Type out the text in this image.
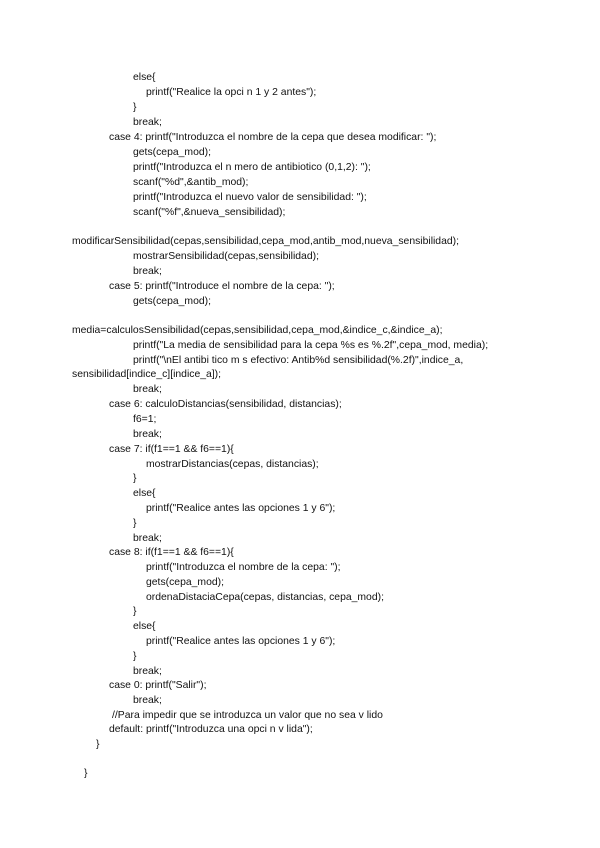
else{
printf("Realice la opci n 1 y 2 antes");
}
break;
case 4: printf("Introduzca el nombre de la cepa que desea modificar: ");
gets(cepa_mod);
printf("Introduzca el n mero de antibiotico (0,1,2): ");
scanf("%d",&antib_mod);
printf("Introduzca el nuevo valor de sensibilidad: ");
scanf("%f",&nueva_sensibilidad);
modificarSensibilidad(cepas,sensibilidad,cepa_mod,antib_mod,nueva_sensibilidad);
mostrarSensibilidad(cepas,sensibilidad);
break;
case 5: printf("Introduce el nombre de la cepa: ");
gets(cepa_mod);
media=calculosSensibilidad(cepas,sensibilidad,cepa_mod,&indice_c,&indice_a);
printf("La media de sensibilidad para la cepa %s es %.2f",cepa_mod, media);
printf("\nEl antibi tico m s efectivo: Antib%d sensibilidad(%.2f)",indice_a,
sensibilidad[indice_c][indice_a]);
break;
case 6: calculoDistancias(sensibilidad, distancias);
f6=1;
break;
case 7: if(f1==1 && f6==1){
mostrarDistancias(cepas, distancias);
}
else{
printf("Realice antes las opciones 1 y 6");
}
break;
case 8: if(f1==1 && f6==1){
printf("Introduzca el nombre de la cepa: ");
gets(cepa_mod);
ordenaDistaciaCepa(cepas, distancias, cepa_mod);
}
else{
printf("Realice antes las opciones 1 y 6");
}
break;
case 0: printf("Salir");
break;
//Para impedir que se introduzca un valor que no sea v lido
default: printf("Introduzca una opci n v lida");
}
}
